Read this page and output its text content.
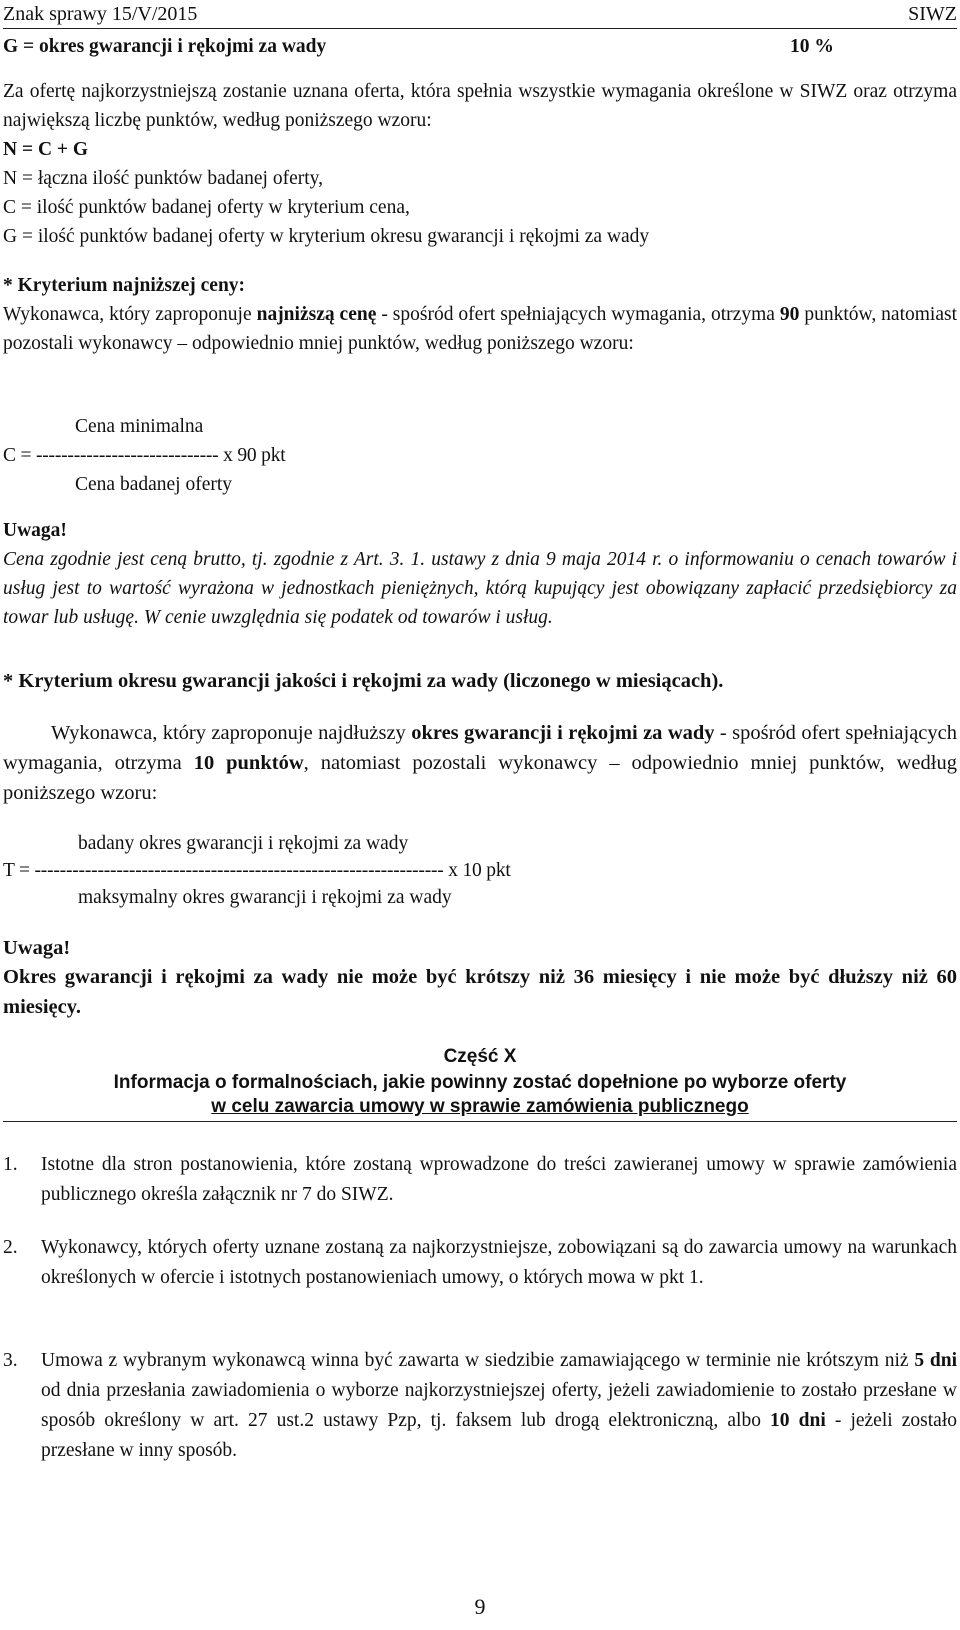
Znak sprawy 15/V/2015	SIWZ
G = okres gwarancji i rękojmi za wady	10 %
Za ofertę najkorzystniejszą zostanie uznana oferta, która spełnia wszystkie wymagania określone w SIWZ oraz otrzyma największą liczbę punktów, według poniższego wzoru:
N = C + G
N = łączna ilość punktów badanej oferty,
C = ilość punktów badanej oferty w kryterium cena,
G = ilość punktów badanej oferty w kryterium okresu gwarancji i rękojmi za wady
* Kryterium najniższej ceny:
Wykonawca, który zaproponuje najniższą cenę - spośród ofert spełniających wymagania, otrzyma 90 punktów, natomiast pozostali wykonawcy – odpowiednio mniej punktów, według poniższego wzoru:
Cena minimalna
C = ----------------------------- x 90 pkt
Cena badanej oferty
Uwaga!
Cena zgodnie jest ceną brutto, tj. zgodnie z Art. 3. 1. ustawy z dnia 9 maja 2014 r. o informowaniu o cenach towarów i usług jest to wartość wyrażona w jednostkach pieniężnych, którą kupujący jest obowiązany zapłacić przedsiębiorcy za towar lub usługę. W cenie uwzględnia się podatek od towarów i usług.
* Kryterium okresu gwarancji jakości i rękojmi za wady (liczonego w miesiącach).
Wykonawca, który zaproponuje najdłuższy okres gwarancji i rękojmi za wady - spośród ofert spełniających wymagania, otrzyma 10 punktów, natomiast pozostali wykonawcy – odpowiednio mniej punktów, według poniższego wzoru:
badany okres gwarancji i rękojmi za wady
T = ----------------------------------------------------------------- x 10 pkt
maksymalny okres gwarancji i rękojmi za wady
Uwaga!
Okres gwarancji i rękojmi za wady nie może być krótszy niż 36 miesięcy i nie może być dłuższy niż 60 miesięcy.
Część X
Informacja o formalnościach, jakie powinny zostać dopełnione po wyborze oferty
w celu zawarcia umowy w sprawie zamówienia publicznego
1. Istotne dla stron postanowienia, które zostaną wprowadzone do treści zawieranej umowy w sprawie zamówienia publicznego określa załącznik nr 7 do SIWZ.
2. Wykonawcy, których oferty uznane zostaną za najkorzystniejsze, zobowiązani są do zawarcia umowy na warunkach określonych w ofercie i istotnych postanowieniach umowy, o których mowa w pkt 1.
3. Umowa z wybranym wykonawcą winna być zawarta w siedzibie zamawiającego w terminie nie krótszym niż 5 dni od dnia przesłania zawiadomienia o wyborze najkorzystniejszej oferty, jeżeli zawiadomienie to zostało przesłane w sposób określony w art. 27 ust.2 ustawy Pzp, tj. faksem lub drogą elektroniczną, albo 10 dni - jeżeli zostało przesłane w inny sposób.
9
